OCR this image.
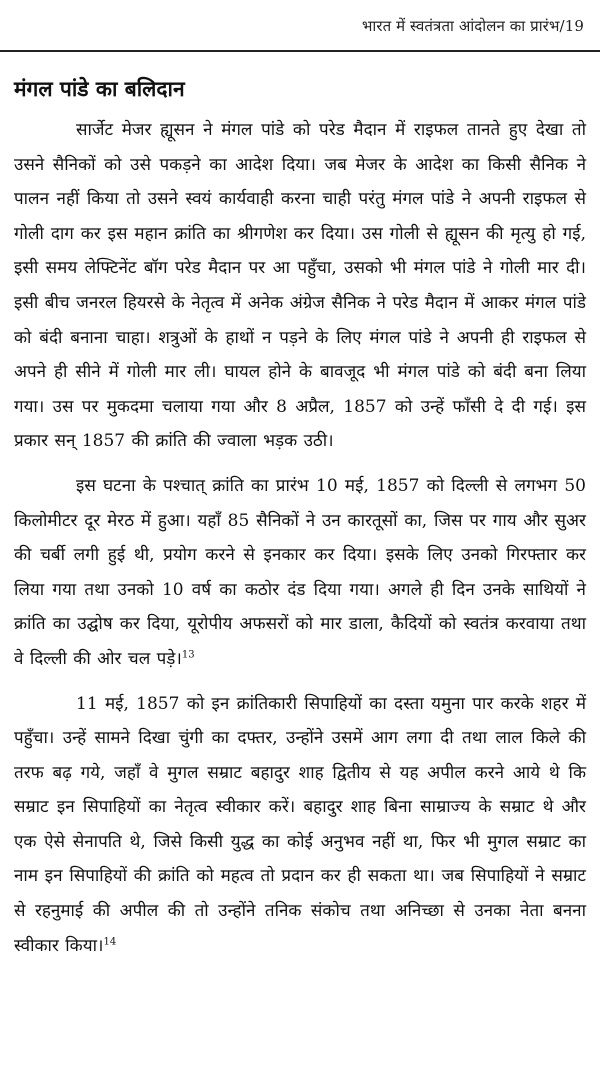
भारत में स्वतंत्रता आंदोलन का प्रारंभ/19
मंगल पांडे का बलिदान

सार्जेट मेजर ह्यूसन ने मंगल पांडे को परेड मैदान में राइफल तानते हुए देखा तो उसने सैनिकों को उसे पकड़ने का आदेश दिया। जब मेजर के आदेश का किसी सैनिक ने पालन नहीं किया तो उसने स्वयं कार्यवाही करना चाही परंतु मंगल पांडे ने अपनी राइफल से गोली दाग कर इस महान क्रांति का श्रीगणेश कर दिया। उस गोली से ह्यूसन की मृत्यु हो गई, इसी समय लेफ्टिनेंट बॉग परेड मैदान पर आ पहुँचा, उसको भी मंगल पांडे ने गोली मार दी। इसी बीच जनरल हियरसे के नेतृत्व में अनेक अंग्रेज सैनिक ने परेड मैदान में आकर मंगल पांडे को बंदी बनाना चाहा। शत्रुओं के हाथों न पड़ने के लिए मंगल पांडे ने अपनी ही राइफल से अपने ही सीने में गोली मार ली। घायल होने के बावजूद भी मंगल पांडे को बंदी बना लिया गया। उस पर मुकदमा चलाया गया और 8 अप्रैल, 1857 को उन्हें फाँसी दे दी गई। इस प्रकार सन् 1857 की क्रांति की ज्वाला भड़क उठी।

इस घटना के पश्चात् क्रांति का प्रारंभ 10 मई, 1857 को दिल्ली से लगभग 50 किलोमीटर दूर मेरठ में हुआ। यहाँ 85 सैनिकों ने उन कारतूसों का, जिस पर गाय और सुअर की चर्बी लगी हुई थी, प्रयोग करने से इनकार कर दिया। इसके लिए उनको गिरफ्तार कर लिया गया तथा उनको 10 वर्ष का कठोर दंड दिया गया। अगले ही दिन उनके साथियों ने क्रांति का उद्घोष कर दिया, यूरोपीय अफसरों को मार डाला, कैदियों को स्वतंत्र करवाया तथा वे दिल्ली की ओर चल पड़े।$^{13}$

11 मई, 1857 को इन क्रांतिकारी सिपाहियों का दस्ता यमुना पार करके शहर में पहुँचा। उन्हें सामने दिखा चुंगी का दफ्तर, उन्होंने उसमें आग लगा दी तथा लाल किले की तरफ बढ़ गये, जहाँ वे मुगल सम्राट बहादुर शाह द्वितीय से यह अपील करने आये थे कि सम्राट इन सिपाहियों का नेतृत्व स्वीकार करें। बहादुर शाह बिना साम्राज्य के सम्राट थे और एक ऐसे सेनापति थे, जिसे किसी युद्ध का कोई अनुभव नहीं था, फिर भी मुगल सम्राट का नाम इन सिपाहियों की क्रांति को महत्व तो प्रदान कर ही सकता था। जब सिपाहियों ने सम्राट से रहनुमाई की अपील की तो उन्होंने तनिक संकोच तथा अनिच्छा से उनका नेता बनना स्वीकार किया।$^{14}$
